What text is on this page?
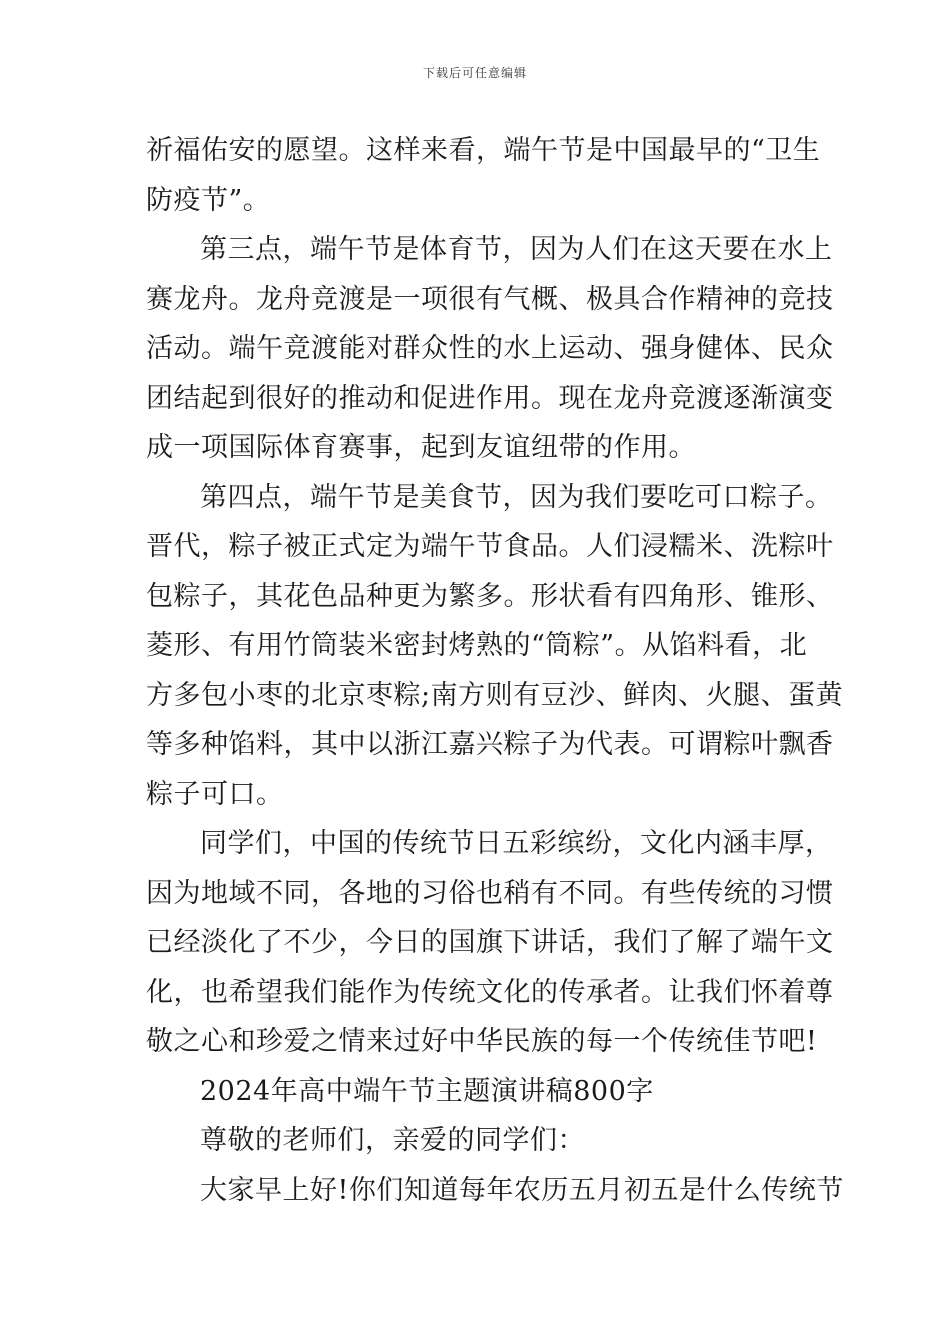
下载后可任意编辑
祈福佑安的愿望。这样来看，端午节是中国最早的“卫生
防疫节”。
第三点，端午节是体育节，因为人们在这天要在水上
赛龙舟。龙舟竞渡是一项很有气概、极具合作精神的竞技
活动。端午竞渡能对群众性的水上运动、强身健体、民众
团结起到很好的推动和促进作用。现在龙舟竞渡逐渐演变
成一项国际体育赛事，起到友谊纽带的作用。
第四点，端午节是美食节，因为我们要吃可口粽子。
晋代，粽子被正式定为端午节食品。人们浸糯米、洗粽叶
包粽子，其花色品种更为繁多。形状看有四角形、锥形、
菱形、有用竹筒装米密封烤熟的“筒粽”。从馅料看，北
方多包小枣的北京枣粽;南方则有豆沙、鲜肉、火腿、蛋黄
等多种馅料，其中以浙江嘉兴粽子为代表。可谓粽叶飘香
粽子可口。
同学们，中国的传统节日五彩缤纷，文化内涵丰厚，
因为地域不同，各地的习俗也稍有不同。有些传统的习惯
已经淡化了不少，今日的国旗下讲话，我们了解了端午文
化，也希望我们能作为传统文化的传承者。让我们怀着尊
敬之心和珍爱之情来过好中华民族的每一个传统佳节吧!
2024年高中端午节主题演讲稿800字
尊敬的老师们，亲爱的同学们：
大家早上好!你们知道每年农历五月初五是什么传统节
